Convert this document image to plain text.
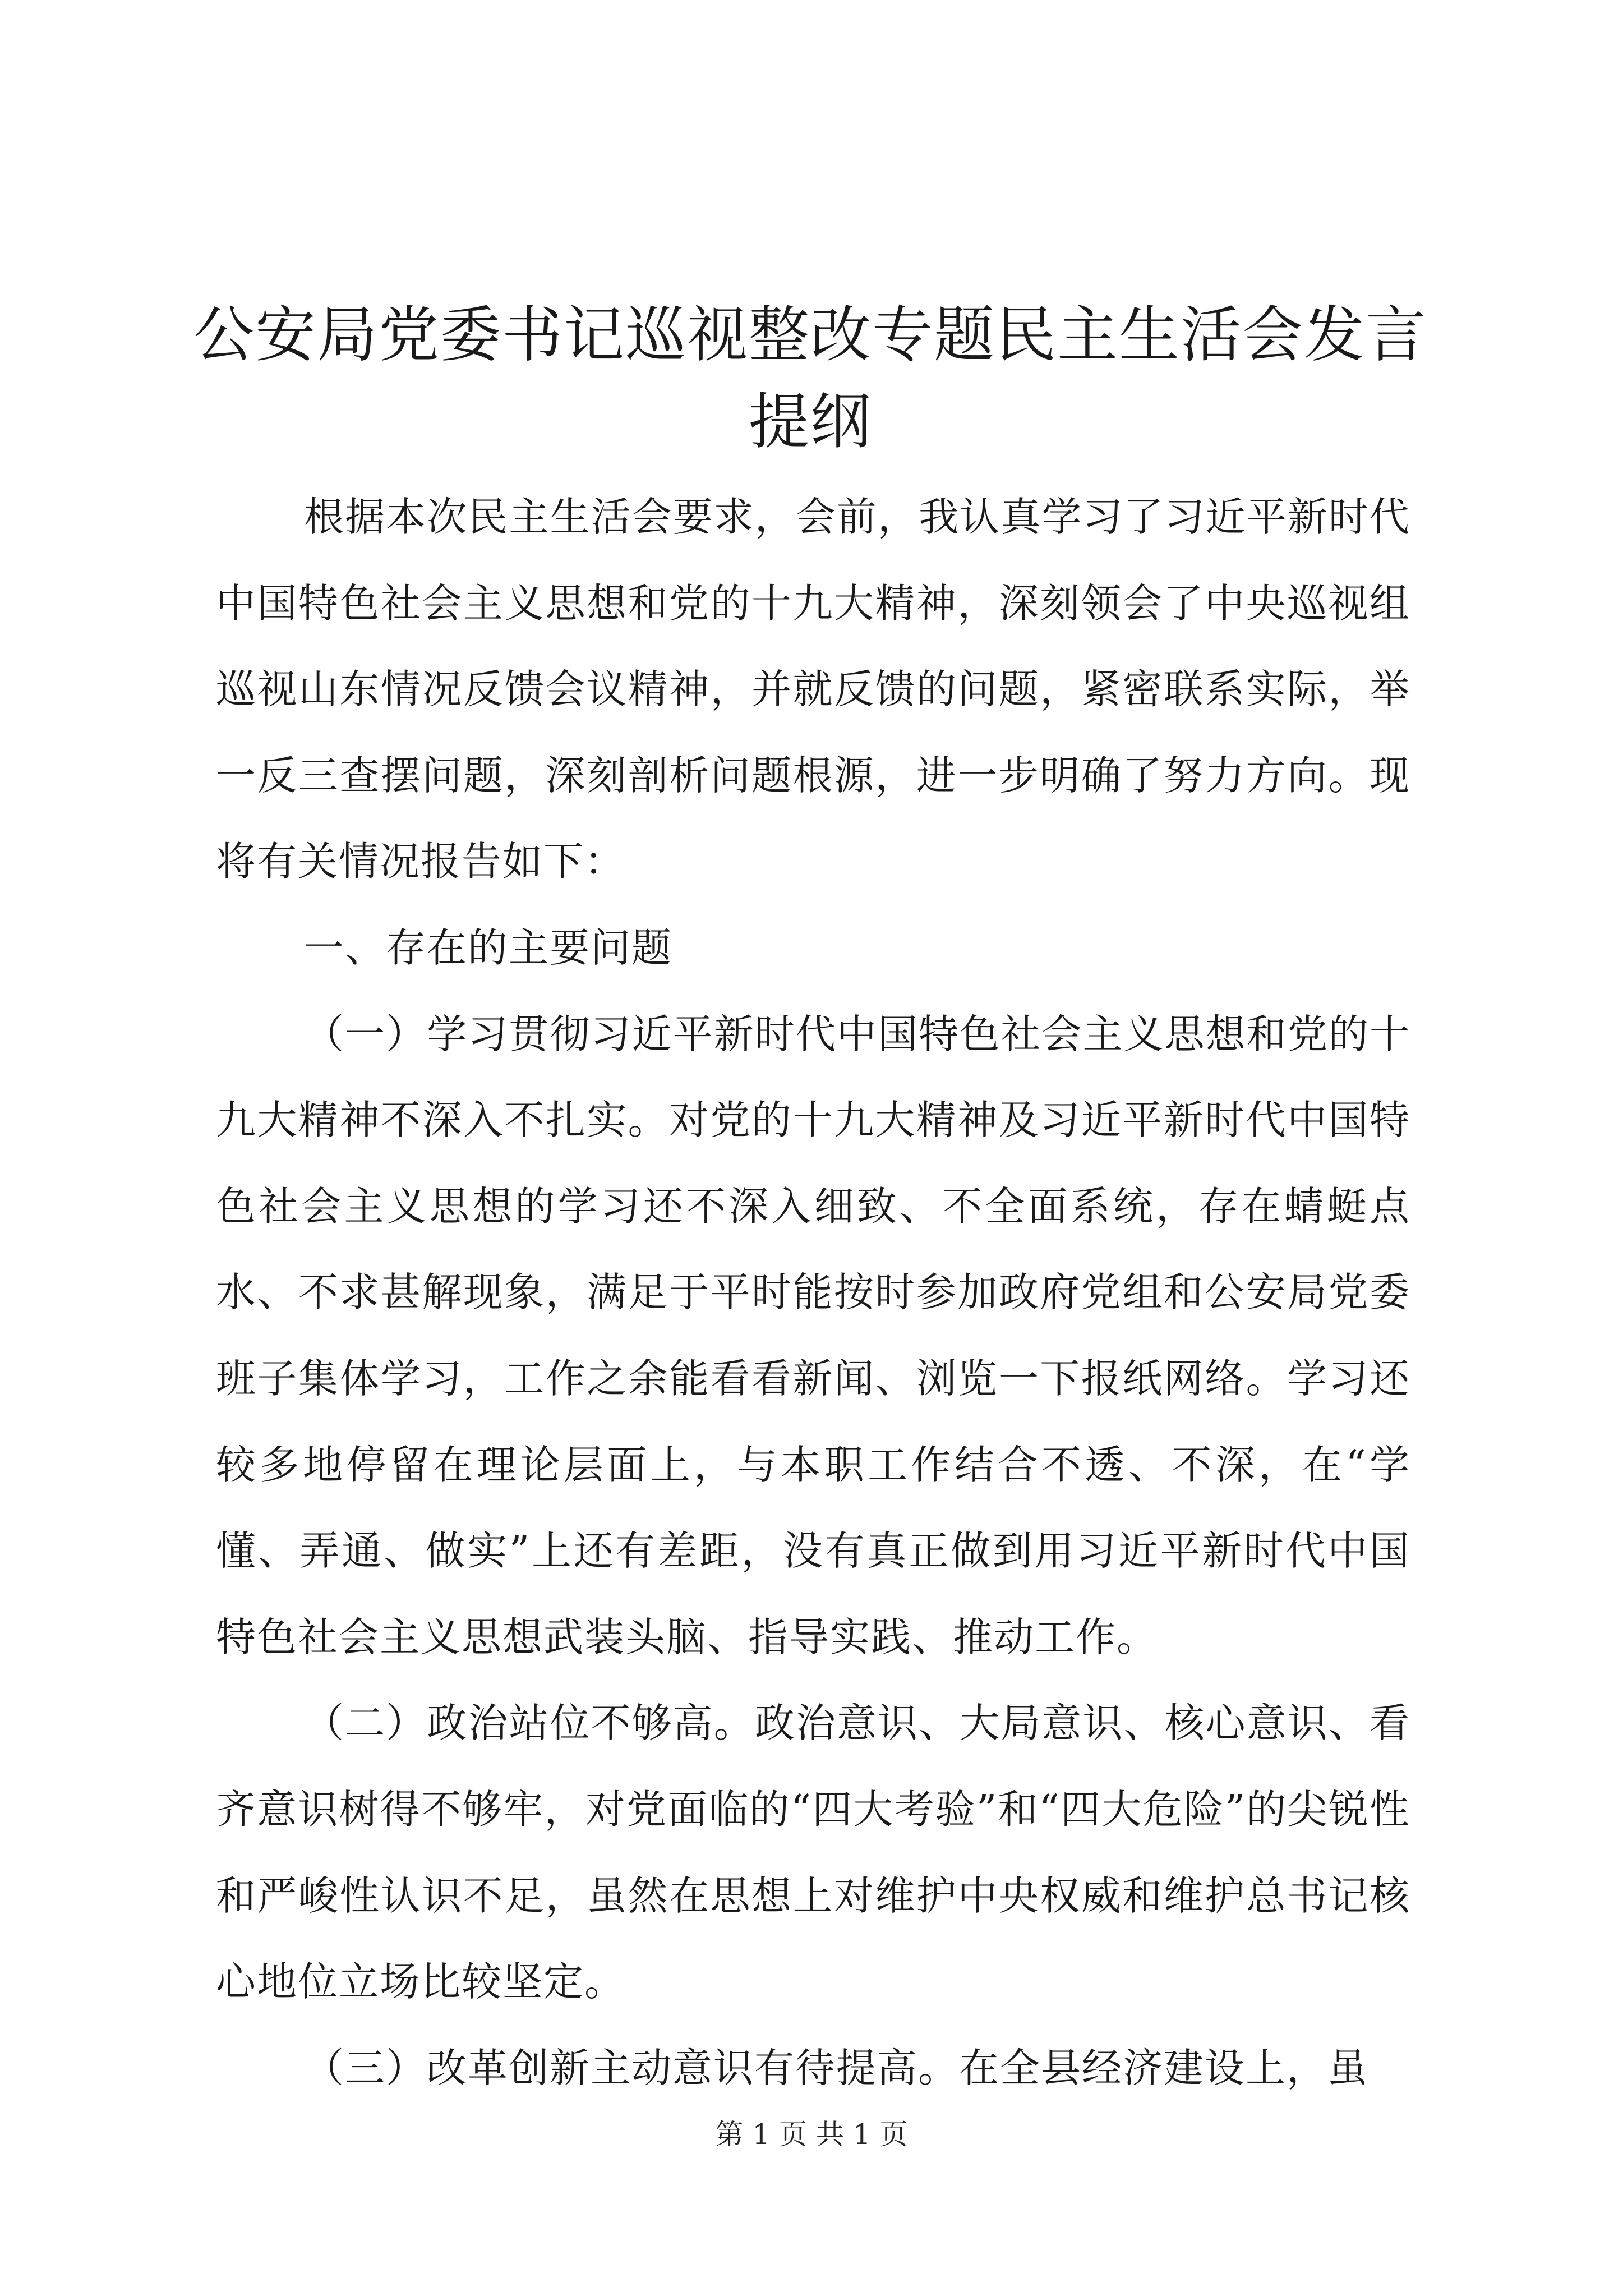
公安局党委书记巡视整改专题民主生活会发言提纲

根据本次民主生活会要求，会前，我认真学习了习近平新时代中国特色社会主义思想和党的十九大精神，深刻领会了中央巡视组巡视山东情况反馈会议精神，并就反馈的问题，紧密联系实际，举一反三查摆问题，深刻剖析问题根源，进一步明确了努力方向。现将有关情况报告如下：

一、存在的主要问题

（一）学习贯彻习近平新时代中国特色社会主义思想和党的十九大精神不深入不扎实。对党的十九大精神及习近平新时代中国特色社会主义思想的学习还不深入细致、不全面系统，存在蜻蜓点水、不求甚解现象，满足于平时能按时参加政府党组和公安局党委班子集体学习，工作之余能看看新闻、浏览一下报纸网络。学习还较多地停留在理论层面上，与本职工作结合不透、不深，在“学懂、弄通、做实”上还有差距，没有真正做到用习近平新时代中国特色社会主义思想武装头脑、指导实践、推动工作。

（二）政治站位不够高。政治意识、大局意识、核心意识、看齐意识树得不够牢，对党面临的“四大考验”和“四大危险”的尖锐性和严峻性认识不足，虽然在思想上对维护中央权威和维护总书记核心地位立场比较坚定。

（三）改革创新主动意识有待提高。在全县经济建设上，虽

第 1 页 共 1 页
